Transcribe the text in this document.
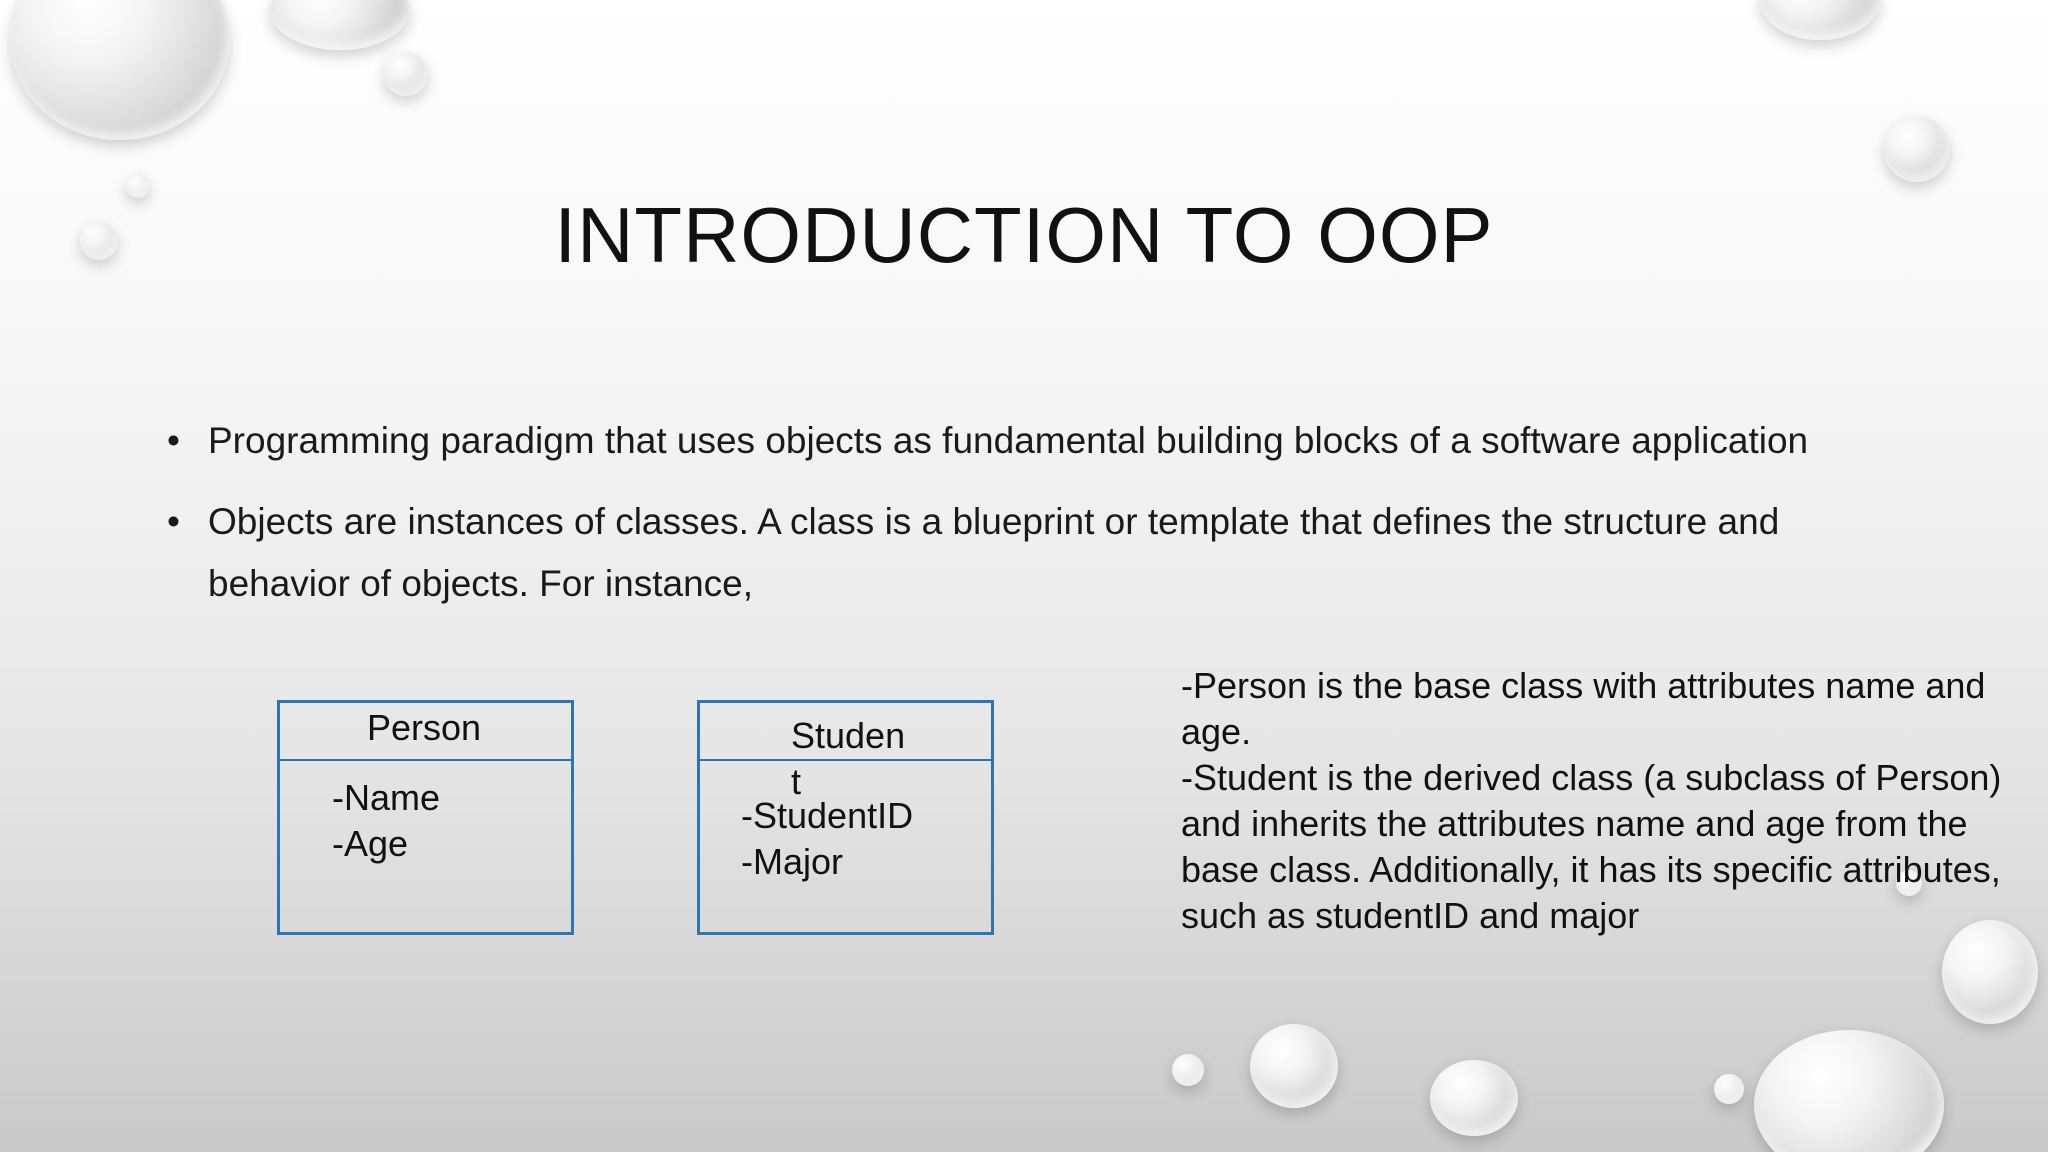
INTRODUCTION TO OOP
• Programming paradigm that uses objects as fundamental building blocks of a software application
• Objects are instances of classes. A class is a blueprint or template that defines the structure and behavior of objects. For instance,
Person
-Name
-Age
Studen
t
-StudentID
-Major
-Person is the base class with attributes name and age.
-Student is the derived class (a subclass of Person) and inherits the attributes name and age from the base class. Additionally, it has its specific attributes, such as studentID and major
